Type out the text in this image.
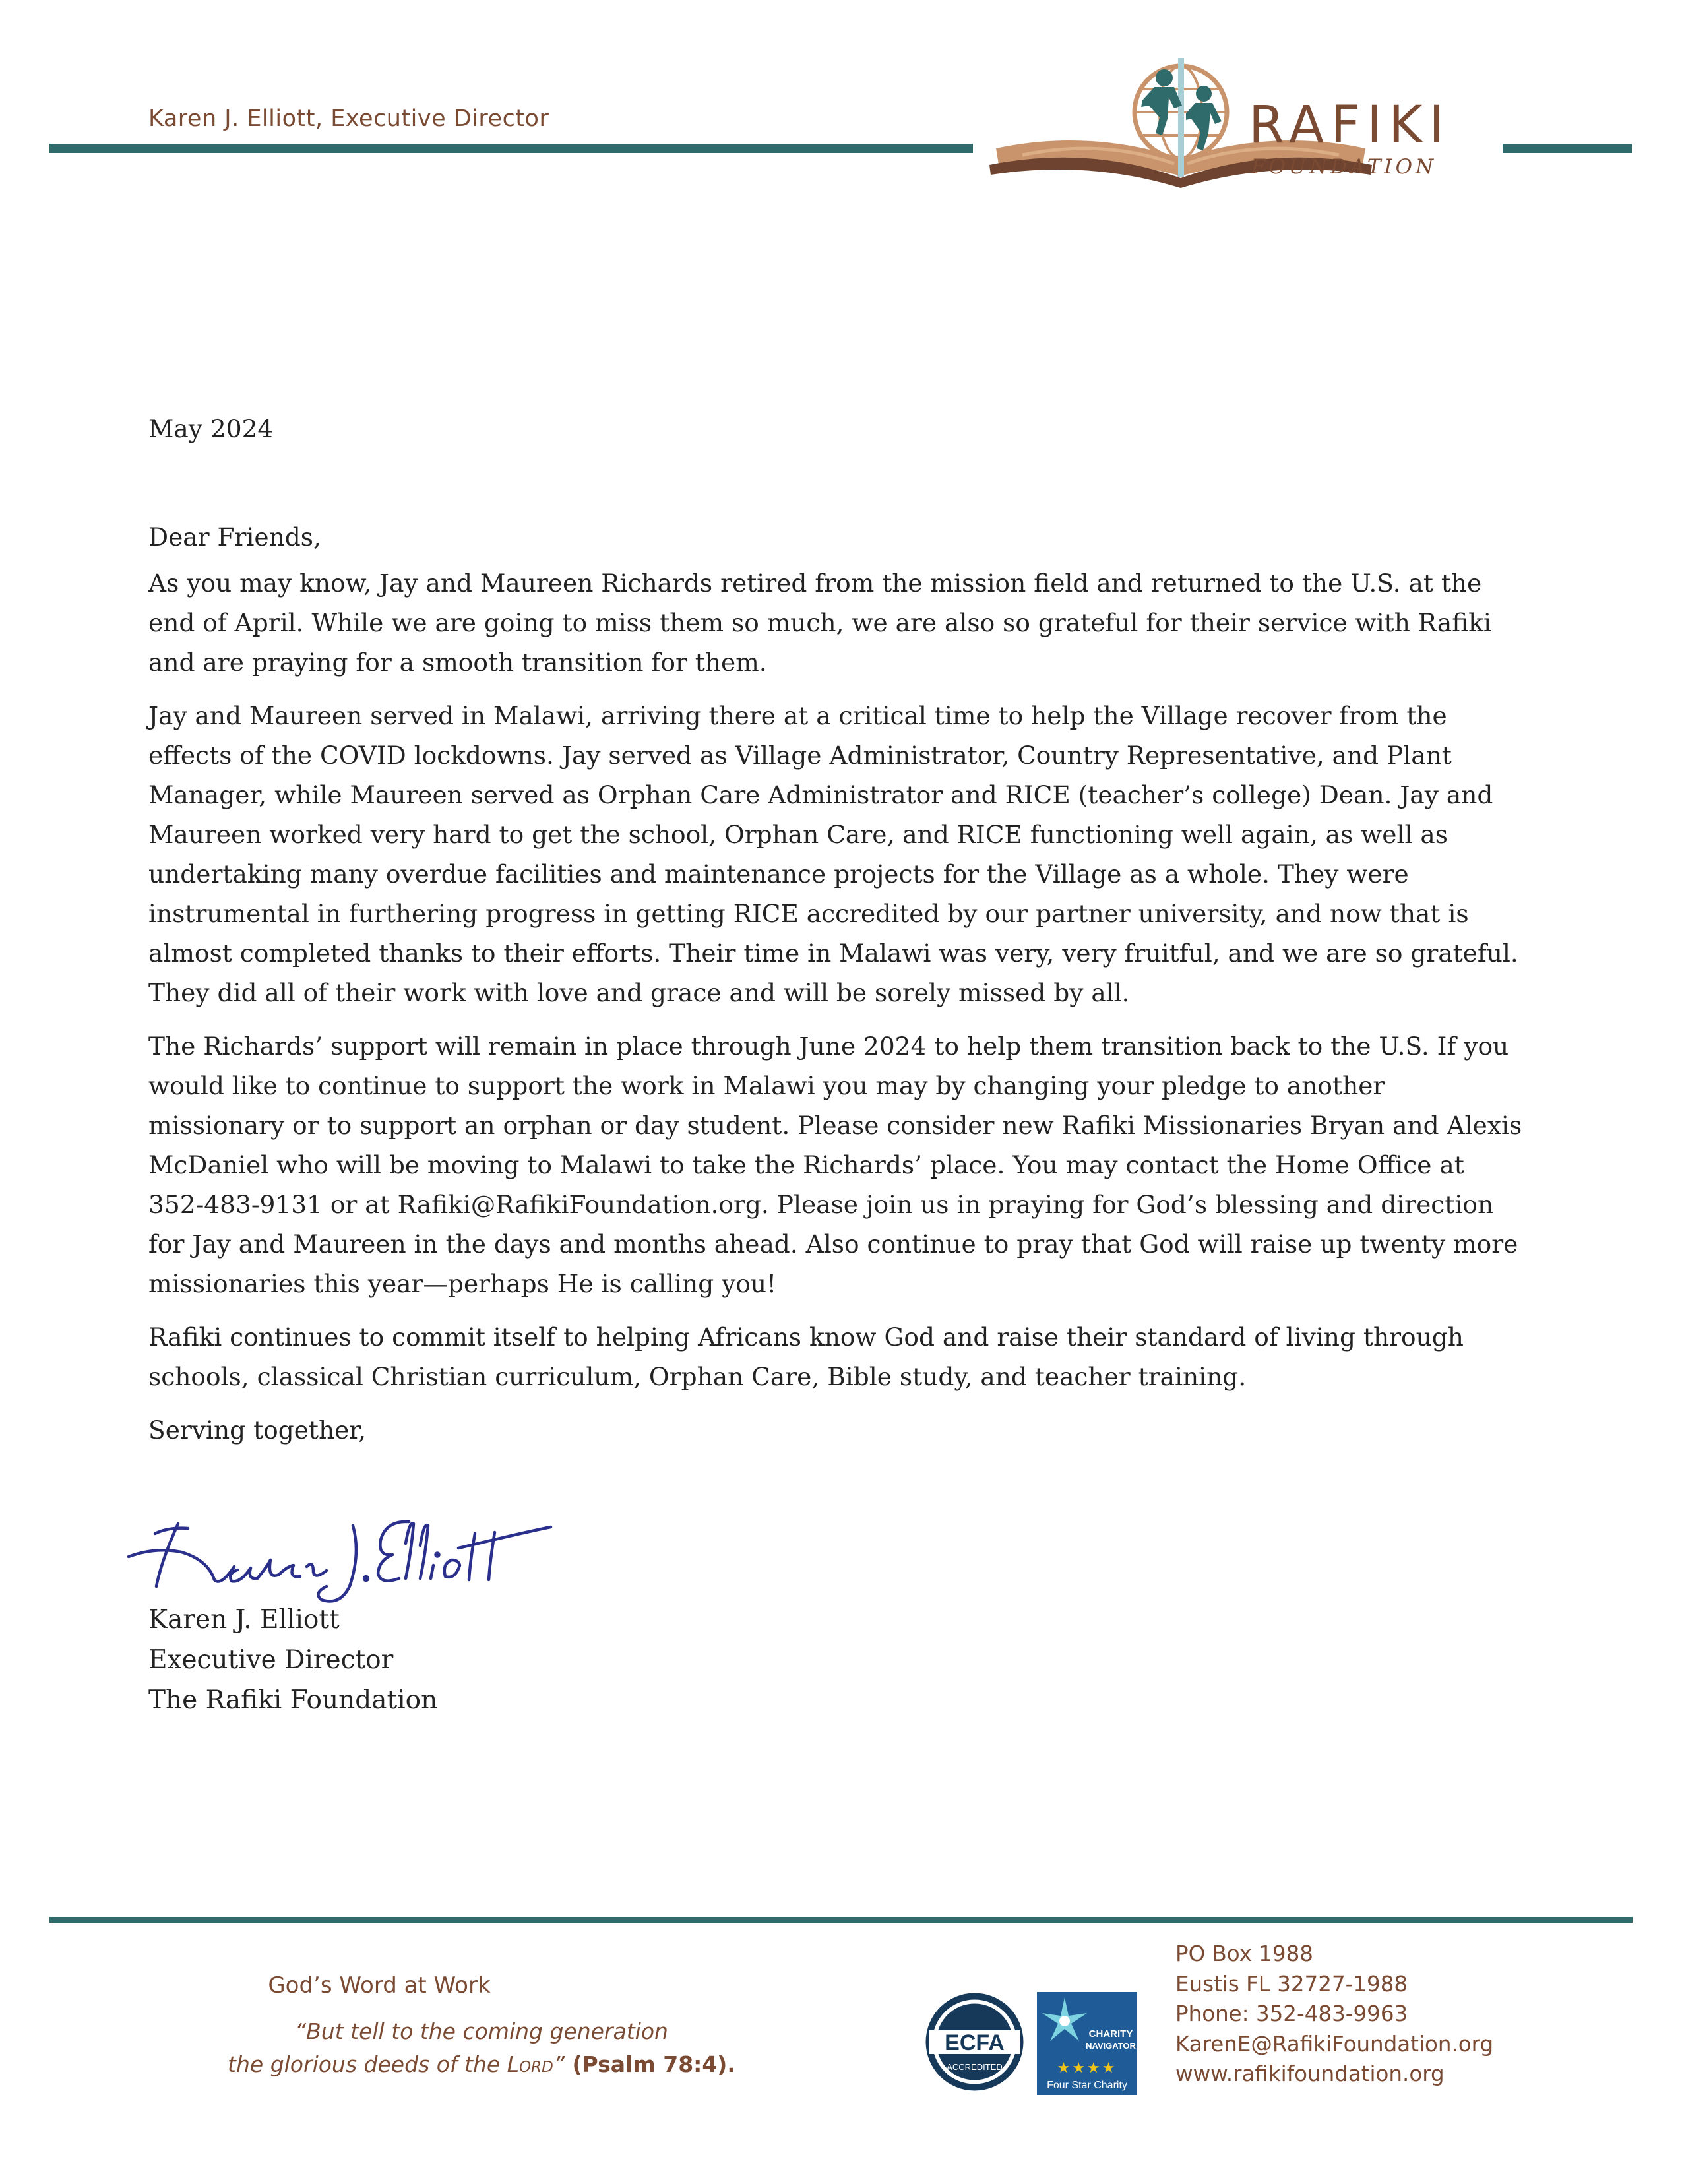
Karen J. Elliott, Executive Director	RAFIKI
FOUNDATION

May 2024

Dear Friends,

As you may know, Jay and Maureen Richards retired from the mission field and returned to the U.S. at the end of April. While we are going to miss them so much, we are also so grateful for their service with Rafiki and are praying for a smooth transition for them.

Jay and Maureen served in Malawi, arriving there at a critical time to help the Village recover from the effects of the COVID lockdowns. Jay served as Village Administrator, Country Representative, and Plant Manager, while Maureen served as Orphan Care Administrator and RICE (teacher’s college) Dean. Jay and Maureen worked very hard to get the school, Orphan Care, and RICE functioning well again, as well as undertaking many overdue facilities and maintenance projects for the Village as a whole. They were instrumental in furthering progress in getting RICE accredited by our partner university, and now that is almost completed thanks to their efforts. Their time in Malawi was very, very fruitful, and we are so grateful. They did all of their work with love and grace and will be sorely missed by all.

The Richards’ support will remain in place through June 2024 to help them transition back to the U.S. If you would like to continue to support the work in Malawi you may by changing your pledge to another missionary or to support an orphan or day student. Please consider new Rafiki Missionaries Bryan and Alexis McDaniel who will be moving to Malawi to take the Richards’ place. You may contact the Home Office at 352-483-9131 or at Rafiki@RafikiFoundation.org. Please join us in praying for God’s blessing and direction for Jay and Maureen in the days and months ahead. Also continue to pray that God will raise up twenty more missionaries this year—perhaps He is calling you!

Rafiki continues to commit itself to helping Africans know God and raise their standard of living through schools, classical Christian curriculum, Orphan Care, Bible study, and teacher training.

Serving together,

Karen J. Elliott
Executive Director
The Rafiki Foundation
God’s Word at Work
“But tell to the coming generation
the glorious deeds of the Lord” (Psalm 78:4).
ECFA
ACCREDITED
CHARITY
NAVIGATOR
★★★★
Four Star Charity
PO Box 1988
Eustis FL 32727-1988
Phone: 352-483-9963
KarenE@RafikiFoundation.org
www.rafikifoundation.org
